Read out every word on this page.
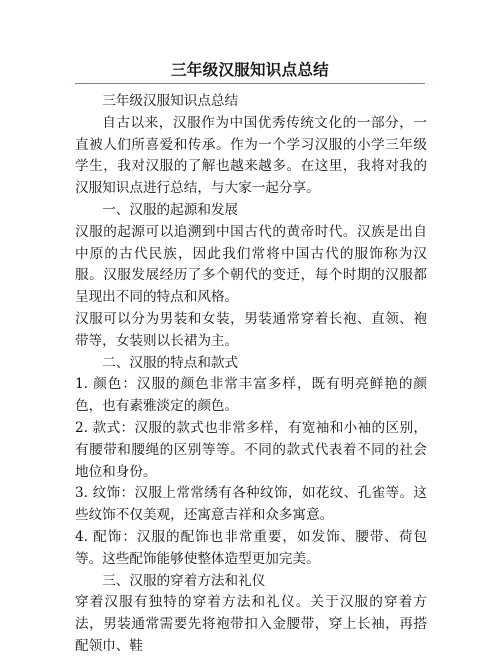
三年级汉服知识点总结

三年级汉服知识点总结

自古以来，汉服作为中国优秀传统文化的一部分，一直被人们所喜爱和传承。作为一个学习汉服的小学三年级学生，我对汉服的了解也越来越多。在这里，我将对我的汉服知识点进行总结，与大家一起分享。

一、汉服的起源和发展

汉服的起源可以追溯到中国古代的黄帝时代。汉族是出自中原的古代民族，因此我们常将中国古代的服饰称为汉服。汉服发展经历了多个朝代的变迁，每个时期的汉服都呈现出不同的特点和风格。

汉服可以分为男装和女装，男装通常穿着长袍、直领、袍带等，女装则以长裙为主。

二、汉服的特点和款式

1. 颜色：汉服的颜色非常丰富多样，既有明亮鲜艳的颜色，也有素雅淡定的颜色。

2. 款式：汉服的款式也非常多样，有宽袖和小袖的区别，有腰带和腰绳的区别等等。不同的款式代表着不同的社会地位和身份。

3. 纹饰：汉服上常常绣有各种纹饰，如花纹、孔雀等。这些纹饰不仅美观，还寓意吉祥和众多寓意。

4. 配饰：汉服的配饰也非常重要，如发饰、腰带、荷包等。这些配饰能够使整体造型更加完美。

三、汉服的穿着方法和礼仪

穿着汉服有独特的穿着方法和礼仪。关于汉服的穿着方法，男装通常需要先将袍带扣入金腰带，穿上长袖，再搭配领巾、鞋
